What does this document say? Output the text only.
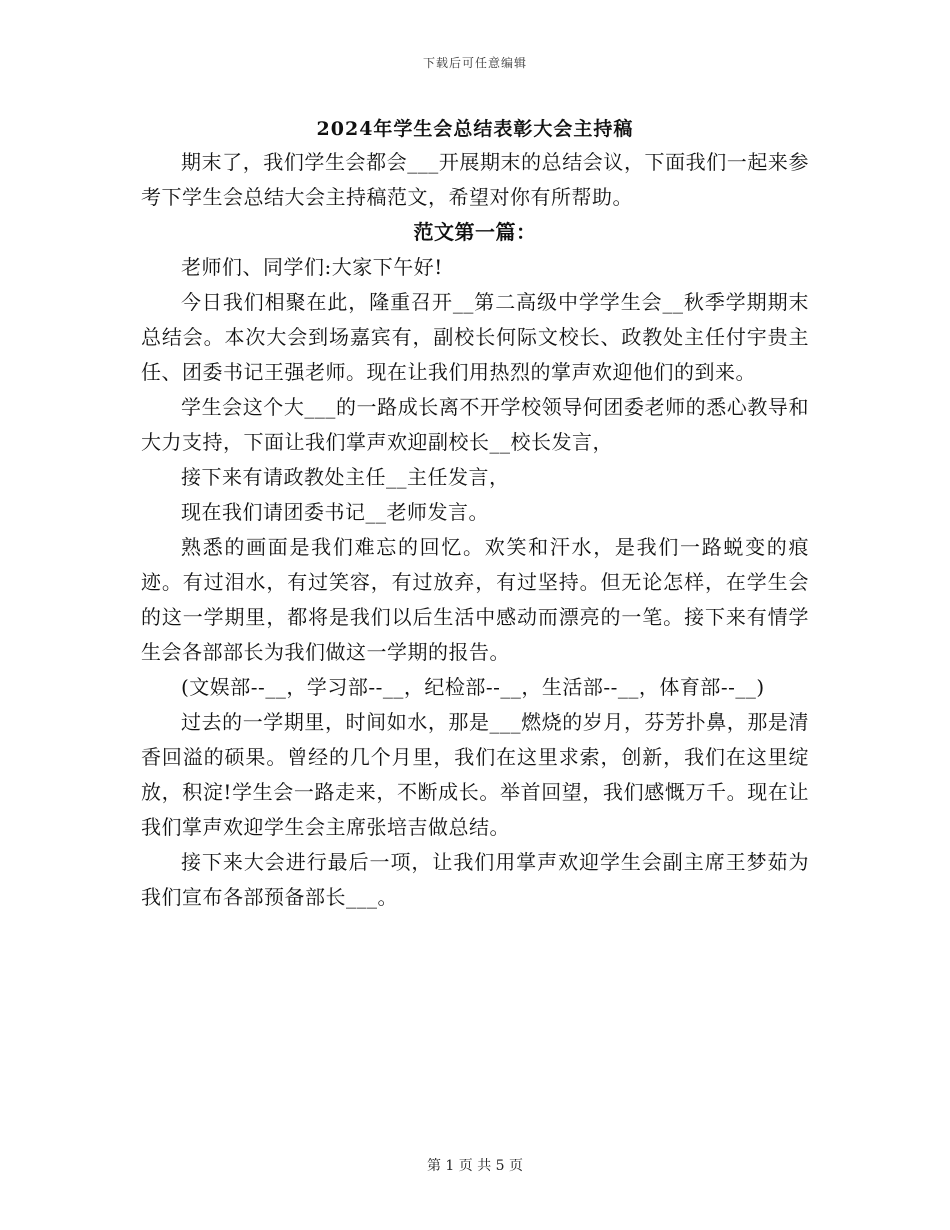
下载后可任意编辑
2024年学生会总结表彰大会主持稿

期末了，我们学生会都会___开展期末的总结会议，下面我们一起来参考下学生会总结大会主持稿范文，希望对你有所帮助。

范文第一篇：

老师们、同学们:大家下午好!

今日我们相聚在此，隆重召开__第二高级中学学生会__秋季学期期末总结会。本次大会到场嘉宾有，副校长何际文校长、政教处主任付宇贵主任、团委书记王强老师。现在让我们用热烈的掌声欢迎他们的到来。

学生会这个大___的一路成长离不开学校领导何团委老师的悉心教导和大力支持，下面让我们掌声欢迎副校长__校长发言，

接下来有请政教处主任__主任发言，

现在我们请团委书记__老师发言。

熟悉的画面是我们难忘的回忆。欢笑和汗水，是我们一路蜕变的痕迹。有过泪水，有过笑容，有过放弃，有过坚持。但无论怎样，在学生会的这一学期里，都将是我们以后生活中感动而漂亮的一笔。接下来有情学生会各部部长为我们做这一学期的报告。

(文娱部--__，学习部--__，纪检部--__，生活部--__，体育部--__)

过去的一学期里，时间如水，那是___燃烧的岁月，芬芳扑鼻，那是清香回溢的硕果。曾经的几个月里，我们在这里求索，创新，我们在这里绽放，积淀!学生会一路走来，不断成长。举首回望，我们感慨万千。现在让我们掌声欢迎学生会主席张培吉做总结。

接下来大会进行最后一项，让我们用掌声欢迎学生会副主席王梦茹为我们宣布各部预备部长___。

第 1 页 共 5 页
